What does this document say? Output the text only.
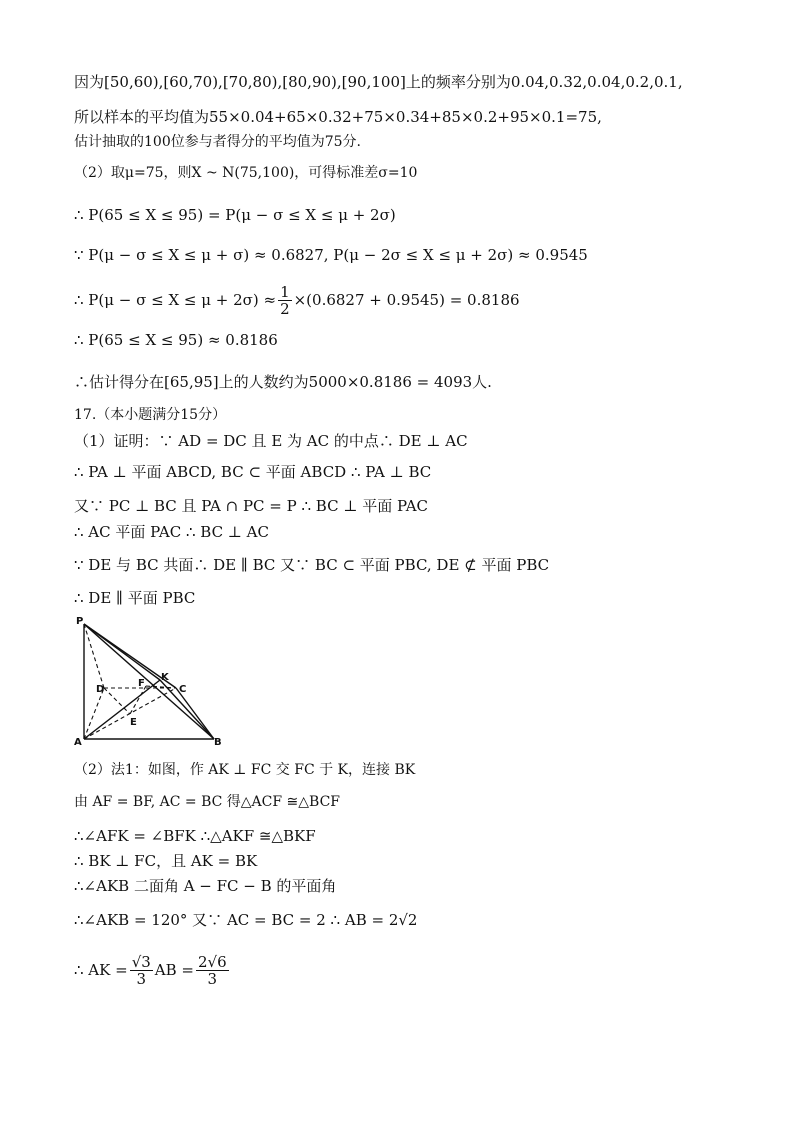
因为[50,60),[60,70),[70,80),[80,90),[90,100]上的频率分别为0.04,0.32,0.04,0.2,0.1,
所以样本的平均值为55×0.04+65×0.32+75×0.34+85×0.2+95×0.1=75,
估计抽取的100位参与者得分的平均值为75分.
（2）取μ=75，则X ~ N(75,100)，可得标准差σ=10
∴ P(65 ≤ X ≤ 95) = P(μ − σ ≤ X ≤ μ + 2σ)
∵ P(μ − σ ≤ X ≤ μ + σ) ≈ 0.6827, P(μ − 2σ ≤ X ≤ μ + 2σ) ≈ 0.9545
∴ $P(\mu - \sigma \le X \le \mu + 2\sigma) \approx \frac{1}{2} \times(0.6827 + 0.9545) = 0.8186$
∴ P(65 ≤ X ≤ 95) ≈ 0.8186
∴估计得分在[65,95]上的人数约为5000×0.8186 = 4093人.
17.（本小题满分15分）
（1）证明：∵ AD = DC 且 E 为 AC 的中点∴ DE ⊥ AC
∴ PA ⊥ 平面 ABCD, BC ⊂ 平面 ABCD ∴ PA ⊥ BC
又∵ PC ⊥ BC 且 PA ∩ PC = P ∴ BC ⊥ 平面 PAC
∴ AC 平面 PAC ∴ BC ⊥ AC
∵ DE 与 BC 共面∴ DE ∥ BC 又∵ BC ⊂ 平面 PBC, DE ⊄ 平面 PBC
∴ DE ∥ 平面 PBC
P
A	B
C
D
E
F
K
（2）法1：如图，作 AK ⊥ FC 交 FC 于 K，连接 BK
由 AF = BF, AC = BC 得△ACF ≅△BCF
∴∠AFK = ∠BFK ∴△AKF ≅△BKF
∴ BK ⊥ FC，且 AK = BK
∴∠AKB 二面角 A − FC − B 的平面角
∴∠AKB = 120° 又∵ AC = BC = 2 ∴ AB = 2√2
∴ AK = $\frac{√3}{3}$ AB = $\frac{2√6}{3}$
